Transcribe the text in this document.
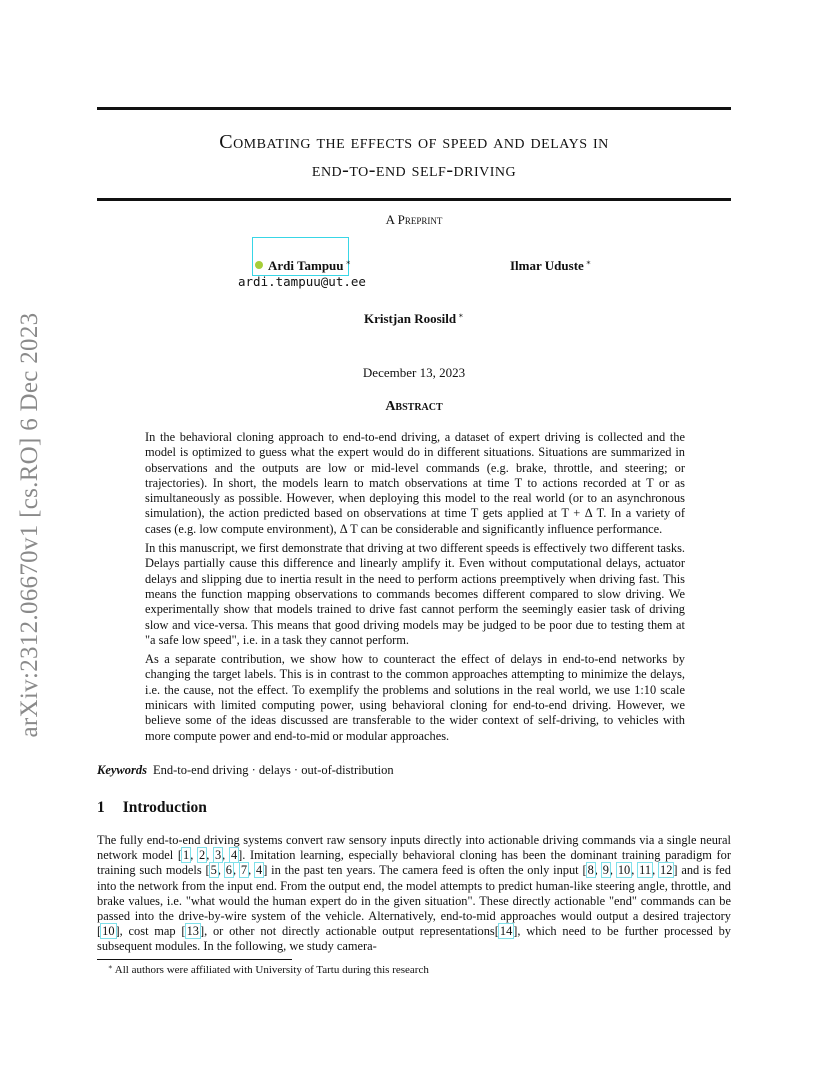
arXiv:2312.06670v1 [cs.RO] 6 Dec 2023
Combating the effects of speed and delays in
end-to-end self-driving
A Preprint
Ardi Tampuu ∗
ardi.tampuu@ut.ee
Ilmar Uduste ∗
Kristjan Roosild ∗
December 13, 2023
Abstract

In the behavioral cloning approach to end-to-end driving, a dataset of expert driving is collected and the model is optimized to guess what the expert would do in different situations. Situations are summarized in observations and the outputs are low or mid-level commands (e.g. brake, throttle, and steering; or trajectories). In short, the models learn to match observations at time T to actions recorded at T or as simultaneously as possible. However, when deploying this model to the real world (or to an asynchronous simulation), the action predicted based on observations at time T gets applied at T + Δ T. In a variety of cases (e.g. low compute environment), Δ T can be considerable and significantly influence performance.

In this manuscript, we first demonstrate that driving at two different speeds is effectively two different tasks. Delays partially cause this difference and linearly amplify it. Even without computational delays, actuator delays and slipping due to inertia result in the need to perform actions preemptively when driving fast. This means the function mapping observations to commands becomes different compared to slow driving. We experimentally show that models trained to drive fast cannot perform the seemingly easier task of driving slow and vice-versa. This means that good driving models may be judged to be poor due to testing them at "a safe low speed", i.e. in a task they cannot perform.

As a separate contribution, we show how to counteract the effect of delays in end-to-end networks by changing the target labels. This is in contrast to the common approaches attempting to minimize the delays, i.e. the cause, not the effect. To exemplify the problems and solutions in the real world, we use 1:10 scale minicars with limited computing power, using behavioral cloning for end-to-end driving. However, we believe some of the ideas discussed are transferable to the wider context of self-driving, to vehicles with more compute power and end-to-mid or modular approaches.

Keywords End-to-end driving · delays · out-of-distribution
1 Introduction

The fully end-to-end driving systems convert raw sensory inputs directly into actionable driving commands via a single neural network model [1, 2, 3, 4]. Imitation learning, especially behavioral cloning has been the dominant training paradigm for training such models [5, 6, 7, 4] in the past ten years. The camera feed is often the only input [8, 9, 10, 11, 12] and is fed into the network from the input end. From the output end, the model attempts to predict human-like steering angle, throttle, and brake values, i.e. "what would the human expert do in the given situation". These directly actionable "end" commands can be passed into the drive-by-wire system of the vehicle. Alternatively, end-to-mid approaches would output a desired trajectory [10], cost map [13], or other not directly actionable output representations[14], which need to be further processed by subsequent modules. In the following, we study camera-

∗ All authors were affiliated with University of Tartu during this research
